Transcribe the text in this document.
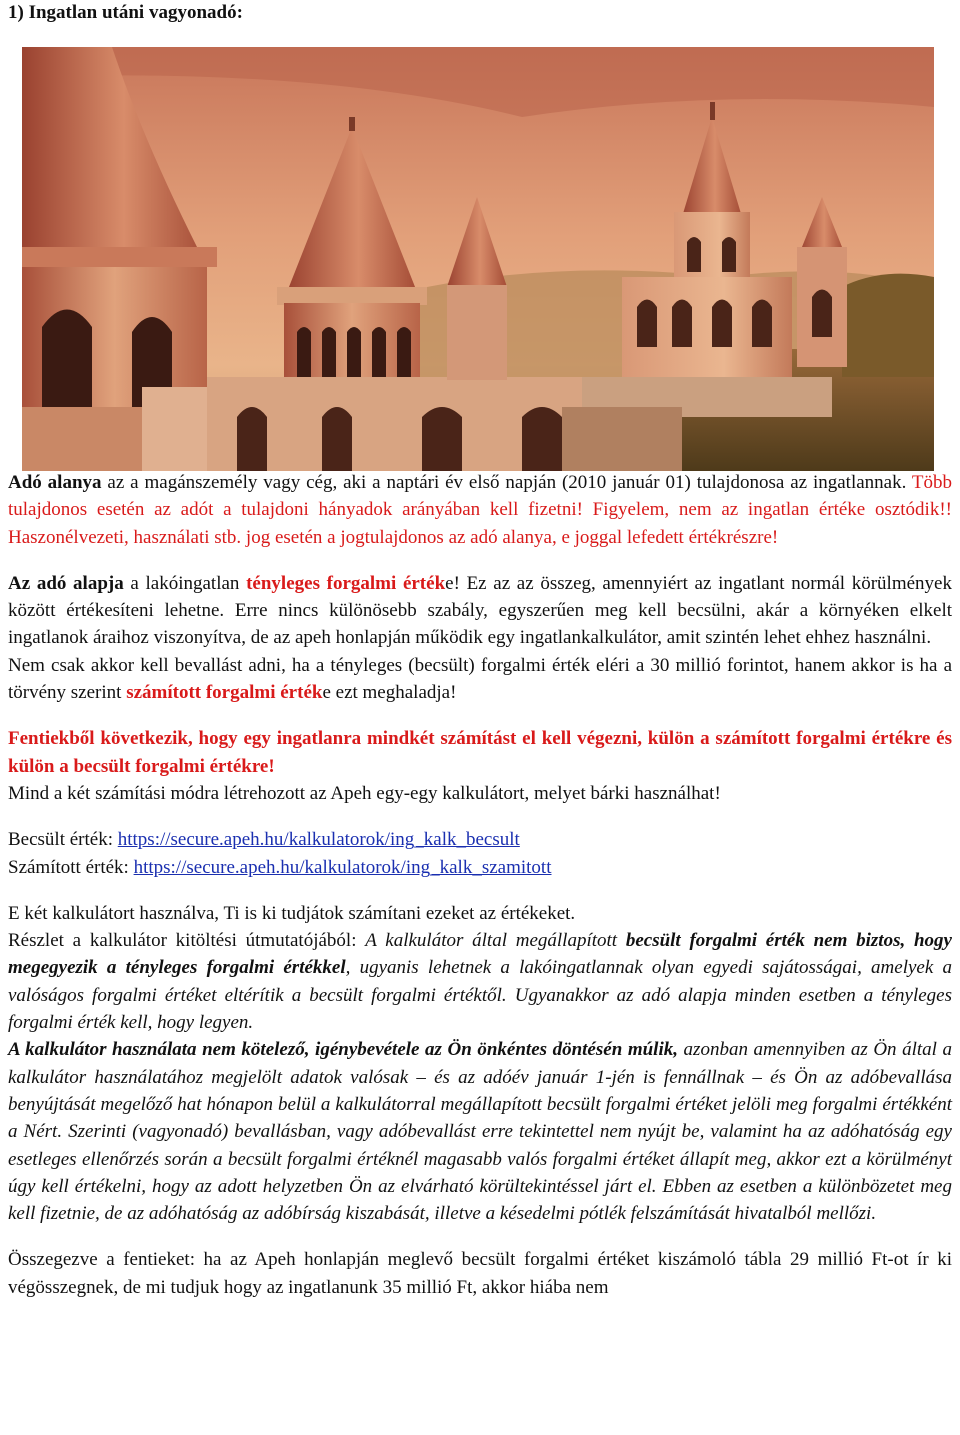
1) Ingatlan utáni vagyonadó:

Adó alanya az a magánszemély vagy cég, aki a naptári év első napján (2010 január 01) tulajdonosa az ingatlannak. Több tulajdonos esetén az adót a tulajdoni hányadok arányában kell fizetni! Figyelem, nem az ingatlan értéke osztódik!! Haszonélvezeti, használati stb. jog esetén a jogtulajdonos az adó alanya, e joggal lefedett értékrészre!

Az adó alapja a lakóingatlan tényleges forgalmi értéke! Ez az az összeg, amennyiért az ingatlant normál körülmények között értékesíteni lehetne. Erre nincs különösebb szabály, egyszerűen meg kell becsülni, akár a környéken elkelt ingatlanok áraihoz viszonyítva, de az apeh honlapján működik egy ingatlankalkulátor, amit szintén lehet ehhez használni.

Nem csak akkor kell bevallást adni, ha a tényleges (becsült) forgalmi érték eléri a 30 millió forintot, hanem akkor is ha a törvény szerint számított forgalmi értéke ezt meghaladja!

Fentiekből következik, hogy egy ingatlanra mindkét számítást el kell végezni, külön a számított forgalmi értékre és külön a becsült forgalmi értékre!

Mind a két számítási módra létrehozott az Apeh egy-egy kalkulátort, melyet bárki használhat!

Becsült érték: https://secure.apeh.hu/kalkulatorok/ing_kalk_becsult

Számított érték: https://secure.apeh.hu/kalkulatorok/ing_kalk_szamitott

E két kalkulátort használva, Ti is ki tudjátok számítani ezeket az értékeket.

Részlet a kalkulátor kitöltési útmutatójából: A kalkulátor által megállapított becsült forgalmi érték nem biztos, hogy megegyezik a tényleges forgalmi értékkel, ugyanis lehetnek a lakóingatlannak olyan egyedi sajátosságai, amelyek a valóságos forgalmi értéket eltérítik a becsült forgalmi értéktől. Ugyanakkor az adó alapja minden esetben a tényleges forgalmi érték kell, hogy legyen.

A kalkulátor használata nem kötelező, igénybevétele az Ön önkéntes döntésén múlik, azonban amennyiben az Ön által a kalkulátor használatához megjelölt adatok valósak – és az adóév január 1-jén is fennállnak – és Ön az adóbevallása benyújtását megelőző hat hónapon belül a kalkulátorral megállapított becsült forgalmi értéket jelöli meg forgalmi értékként a Nért. Szerinti (vagyonadó) bevallásban, vagy adóbevallást erre tekintettel nem nyújt be, valamint ha az adóhatóság egy esetleges ellenőrzés során a becsült forgalmi értéknél magasabb valós forgalmi értéket állapít meg, akkor ezt a körülményt úgy kell értékelni, hogy az adott helyzetben Ön az elvárható körültekintéssel járt el. Ebben az esetben a különbözetet meg kell fizetnie, de az adóhatóság az adóbírság kiszabását, illetve a késedelmi pótlék felszámítását hivatalból mellőzi.

Összegezve a fentieket: ha az Apeh honlapján meglevő becsült forgalmi értéket kiszámoló tábla 29 millió Ft-ot ír ki végösszegnek, de mi tudjuk hogy az ingatlanunk 35 millió Ft, akkor hiába nem
